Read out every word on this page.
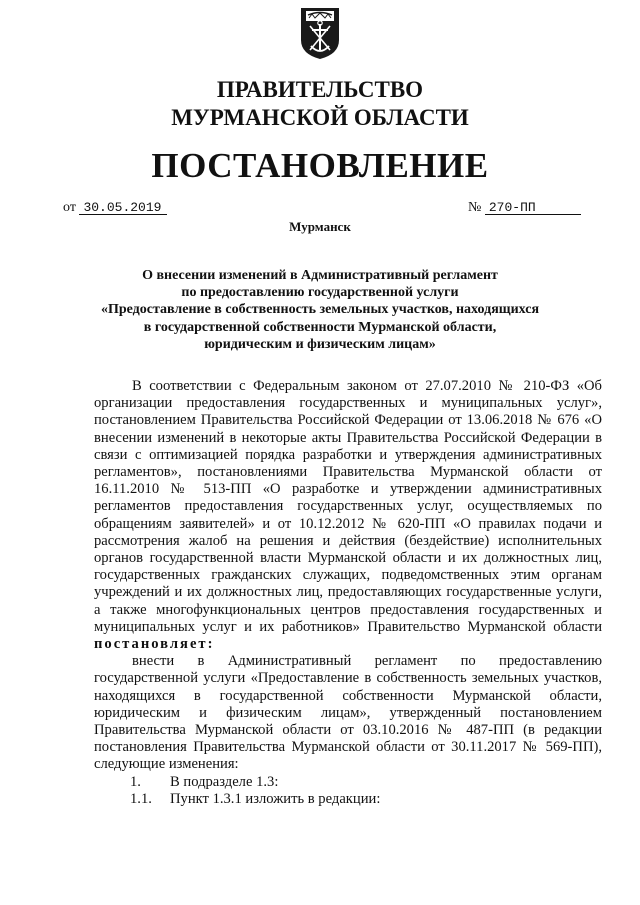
ПРАВИТЕЛЬСТВО
МУРМАНСКОЙ ОБЛАСТИ
ПОСТАНОВЛЕНИЕ
от 30.05.2019	№ 270-ПП
Мурманск
О внесении изменений в Административный регламент
по предоставлению государственной услуги
«Предоставление в собственность земельных участков, находящихся
в государственной собственности Мурманской области,
юридическим и физическим лицам»
В соответствии с Федеральным законом от 27.07.2010 № 210-ФЗ «Об организации предоставления государственных и муниципальных услуг», постановлением Правительства Российской Федерации от 13.06.2018 № 676 «О внесении изменений в некоторые акты Правительства Российской Федерации в связи с оптимизацией порядка разработки и утверждения административных регламентов», постановлениями Правительства Мурманской области от 16.11.2010 № 513-ПП «О разработке и утверждении административных регламентов предоставления государственных услуг, осуществляемых по обращениям заявителей» и от 10.12.2012 № 620-ПП «О правилах подачи и рассмотрения жалоб на решения и действия (бездействие) исполнительных органов государственной власти Мурманской области и их должностных лиц, государственных гражданских служащих, подведомственных этим органам учреждений и их должностных лиц, предоставляющих государственные услуги, а также многофункциональных центров предоставления государственных и муниципальных услуг и их работников» Правительство Мурманской области постановляет:
внести в Административный регламент по предоставлению государственной услуги «Предоставление в собственность земельных участков, находящихся в государственной собственности Мурманской области, юридическим и физическим лицам», утвержденный постановлением Правительства Мурманской области от 03.10.2016 № 487-ПП (в редакции постановления Правительства Мурманской области от 30.11.2017 № 569-ПП), следующие изменения:
1.	В подразделе 1.3:
1.1.	Пункт 1.3.1 изложить в редакции:
